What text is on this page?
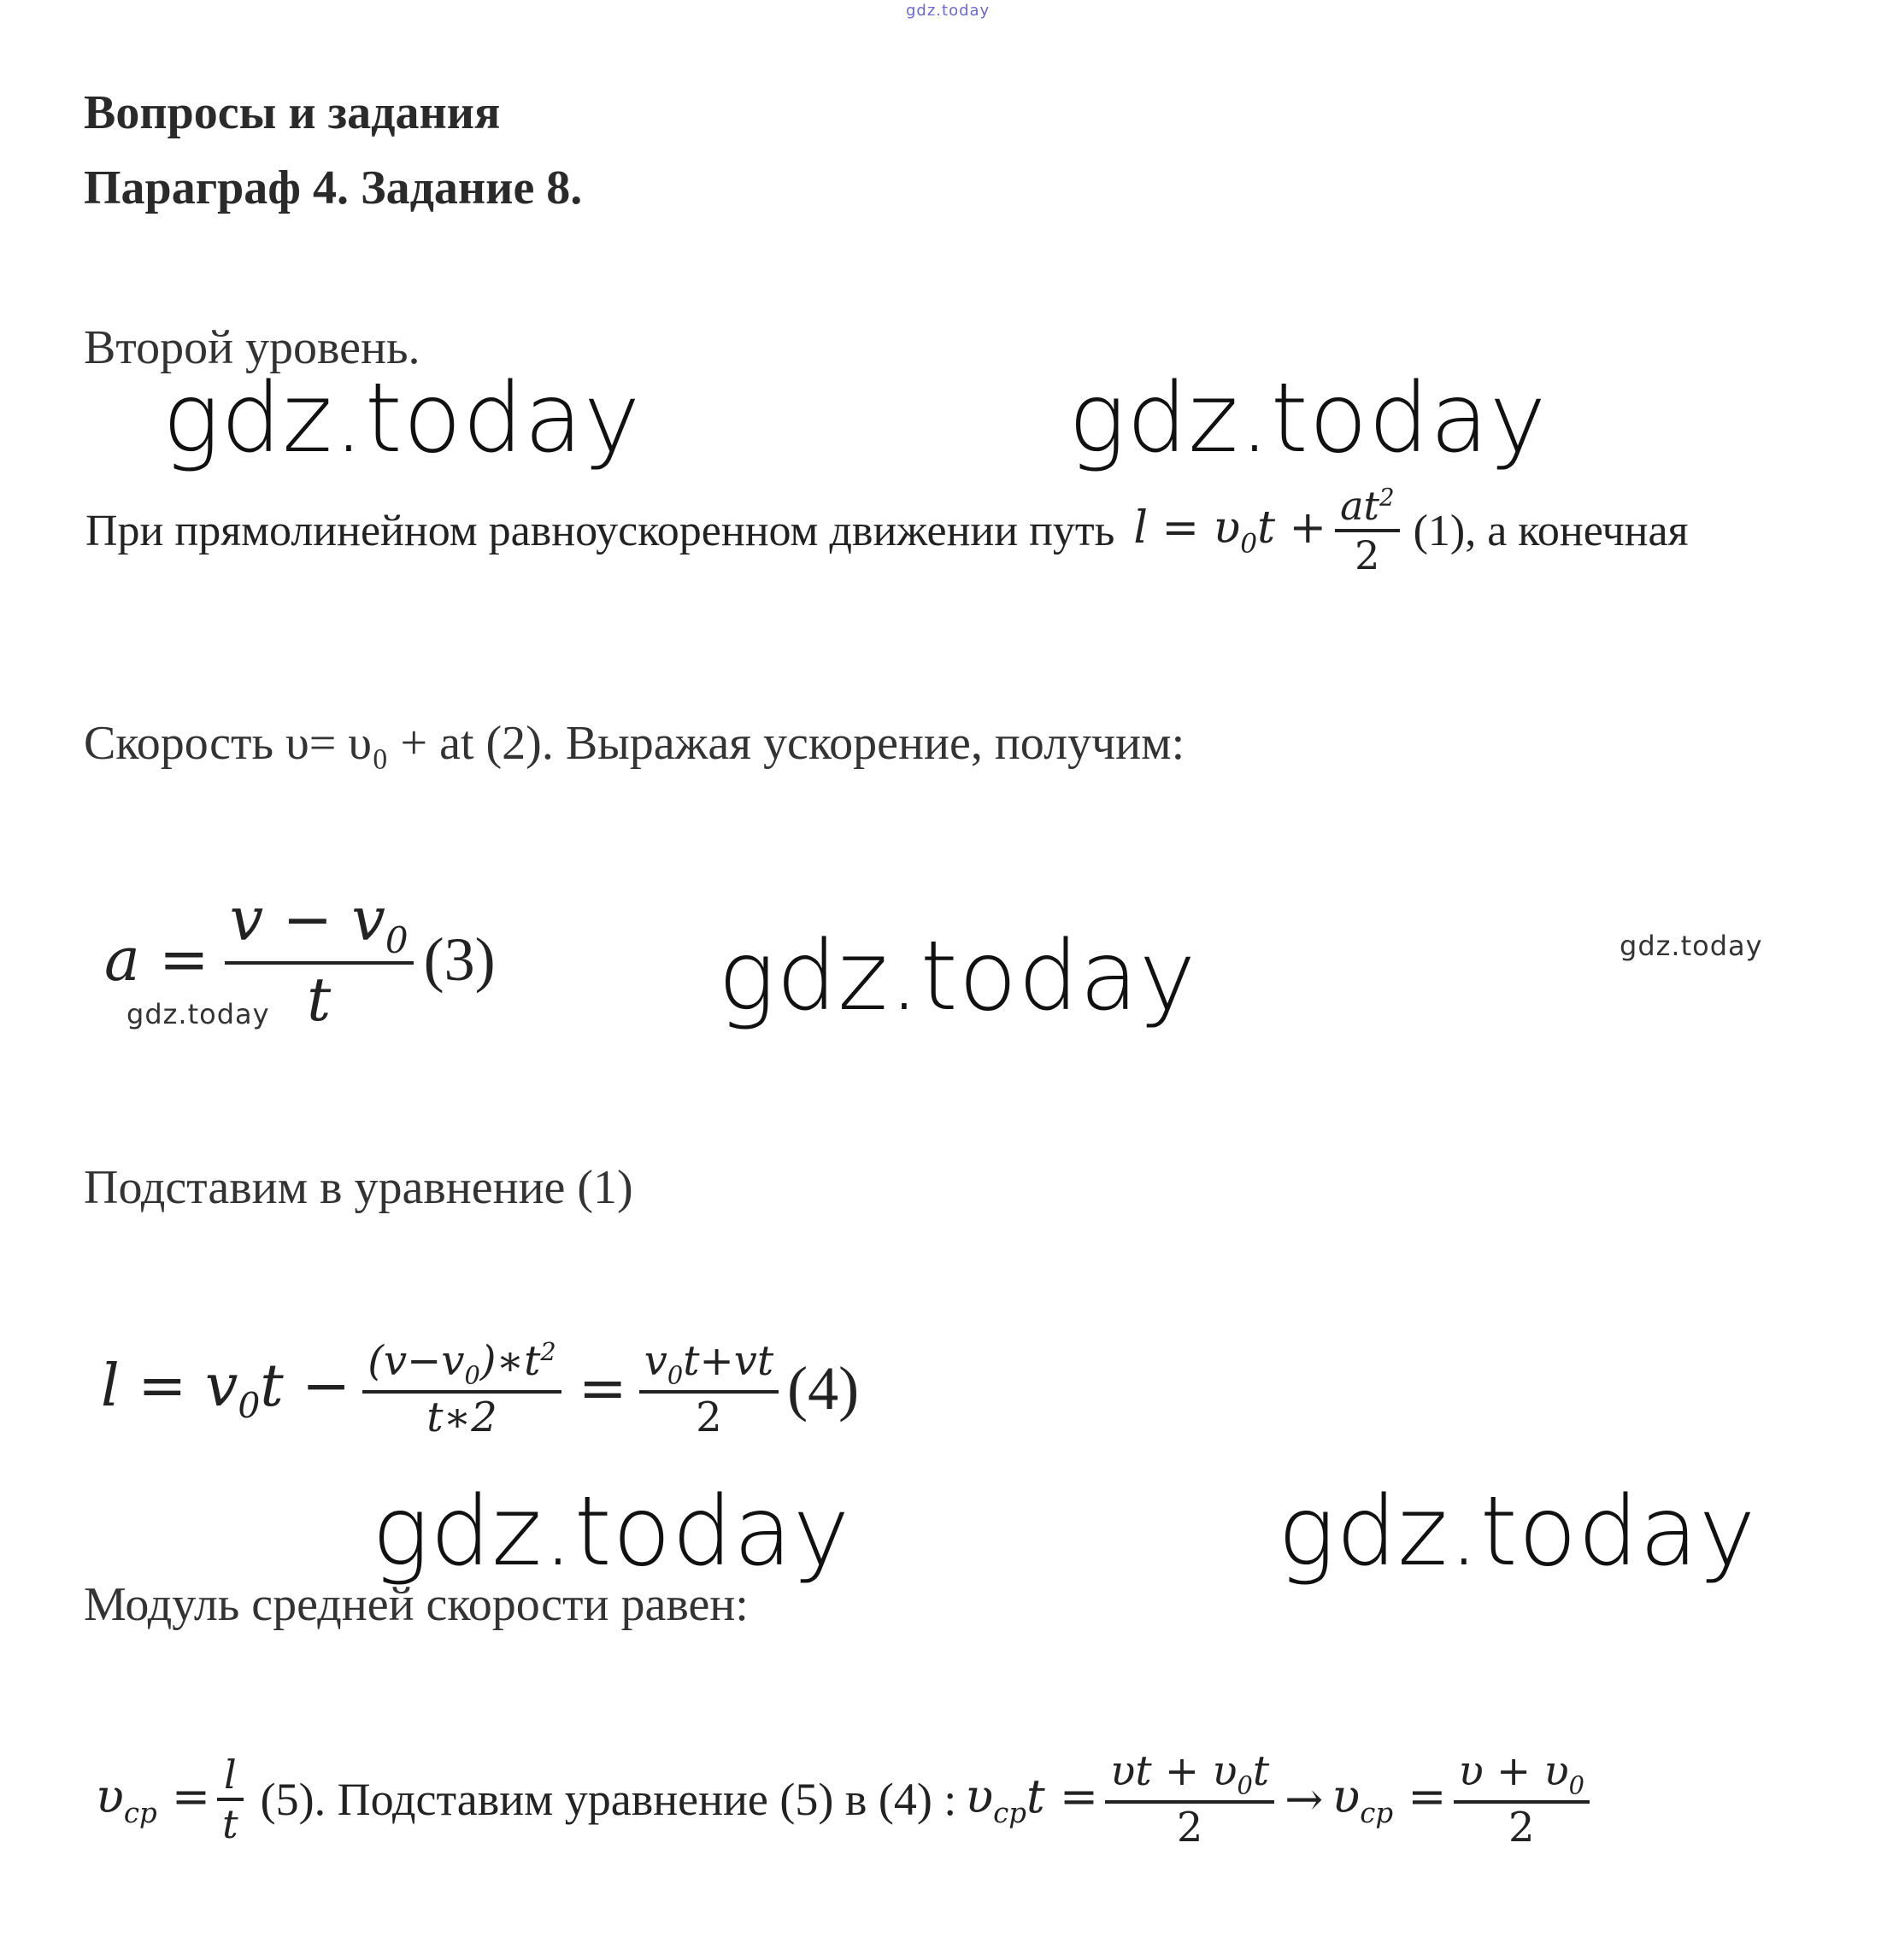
gdz.today
Вопросы и задания
Параграф 4. Задание 8.
Второй уровень.
gdz.today	gdz.today
При прямолинейном равноускоренном движении путь $l = \upsilon_0t + \frac{at^2}{2} (1)$, а конечная
Скорость υ= υ₀ + at (2). Выражая ускорение, получим:
$a = \frac{v - v_0}{t} (3)$
gdz.today	gdz.today	gdz.today
Подставим в уравнение (1)
$l = v_0t - \frac{(v-v_0)∗t^2}{t∗2} = \frac{v_0t+vt}{2} (4)$
gdz.today	gdz.today
Модуль средней скорости равен:
$\upsilon_{ср} = \frac{l}{t} (5)$. Подставим уравнение (5) в (4) : $\upsilon_{ср}t = \frac{\upsilon t + \upsilon_0t}{2} \to \upsilon_{ср} = \frac{\upsilon + \upsilon_0}{2}$
